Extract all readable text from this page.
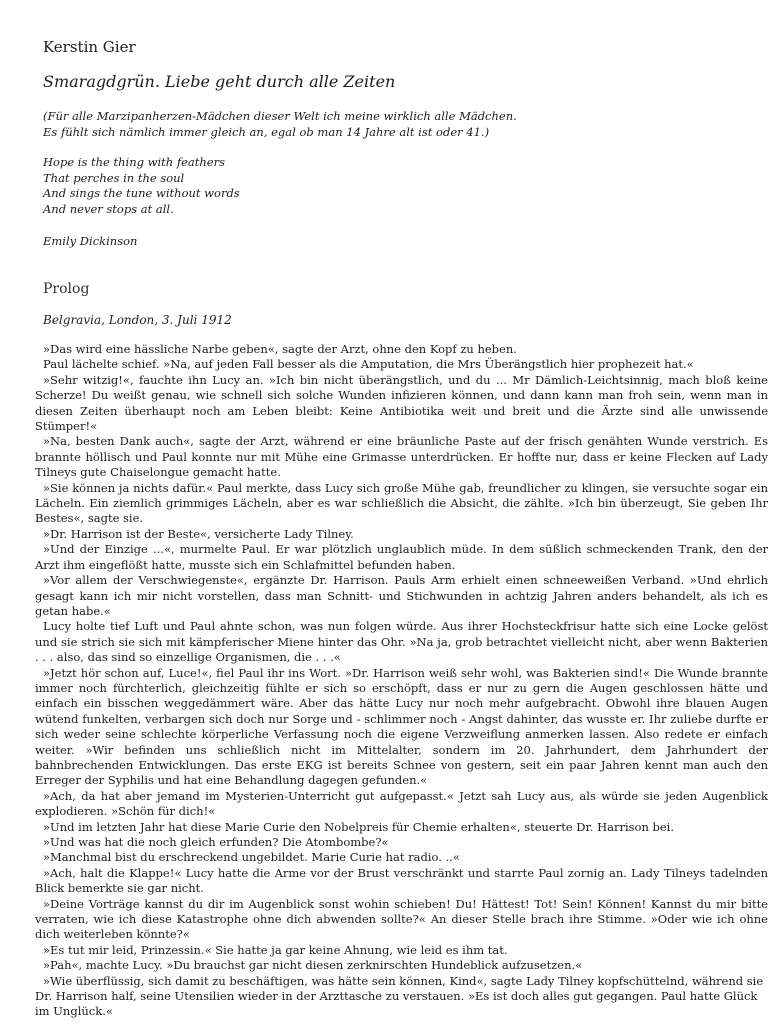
Kerstin Gier
Smaragdgrün. Liebe geht durch alle Zeiten
(Für alle Marzipanherzen-Mädchen dieser Welt ich meine wirklich alle Mädchen.
Es fühlt sich nämlich immer gleich an, egal ob man 14 Jahre alt ist oder 41.)
Hope is the thing with feathers
That perches in the soul
And sings the tune without words
And never stops at all.
Emily Dickinson
Prolog
Belgravia, London, 3. Juli 1912

»Das wird eine hässliche Narbe geben«, sagte der Arzt, ohne den Kopf zu heben.

Paul lächelte schief. »Na, auf jeden Fall besser als die Amputation, die Mrs Überängstlich hier prophezeit hat.«

»Sehr witzig!«, fauchte ihn Lucy an. »Ich bin nicht überängstlich, und du ... Mr Dämlich-Leichtsinnig, mach bloß keine Scherze! Du weißt genau, wie schnell sich solche Wunden infizieren können, und dann kann man froh sein, wenn man in diesen Zeiten überhaupt noch am Leben bleibt: Keine Antibiotika weit und breit und die Ärzte sind alle unwissende Stümper!«

»Na, besten Dank auch«, sagte der Arzt, während er eine bräunliche Paste auf der frisch genähten Wunde verstrich. Es brannte höllisch und Paul konnte nur mit Mühe eine Grimasse unterdrücken. Er hoffte nur, dass er keine Flecken auf Lady Tilneys gute Chaiselongue gemacht hatte.

»Sie können ja nichts dafür.« Paul merkte, dass Lucy sich große Mühe gab, freundlicher zu klingen, sie versuchte sogar ein Lächeln. Ein ziemlich grimmiges Lächeln, aber es war schließlich die Absicht, die zählte. »Ich bin überzeugt, Sie geben Ihr Bestes«, sagte sie.

»Dr. Harrison ist der Beste«, versicherte Lady Tilney.

»Und der Einzige ...«, murmelte Paul. Er war plötzlich unglaublich müde. In dem süßlich schmeckenden Trank, den der Arzt ihm eingeflößt hatte, musste sich ein Schlafmittel befunden haben.

»Vor allem der Verschwiegenste«, ergänzte Dr. Harrison. Pauls Arm erhielt einen schneeweißen Verband. »Und ehrlich gesagt kann ich mir nicht vorstellen, dass man Schnitt- und Stichwunden in achtzig Jahren anders behandelt, als ich es getan habe.«

Lucy holte tief Luft und Paul ahnte schon, was nun folgen würde. Aus ihrer Hochsteckfrisur hatte sich eine Locke gelöst und sie strich sie sich mit kämpferischer Miene hinter das Ohr. »Na ja, grob betrachtet vielleicht nicht, aber wenn Bakterien . . . also, das sind so einzellige Organismen, die . . .«

»Jetzt hör schon auf, Luce!«, fiel Paul ihr ins Wort. »Dr. Harrison weiß sehr wohl, was Bakterien sind!« Die Wunde brannte immer noch fürchterlich, gleichzeitig fühlte er sich so erschöpft, dass er nur zu gern die Augen geschlossen hätte und einfach ein bisschen weggedämmert wäre. Aber das hätte Lucy nur noch mehr aufgebracht. Obwohl ihre blauen Augen wütend funkelten, verbargen sich doch nur Sorge und - schlimmer noch - Angst dahinter, das wusste er. Ihr zuliebe durfte er sich weder seine schlechte körperliche Verfassung noch die eigene Verzweiflung anmerken lassen. Also redete er einfach weiter. »Wir befinden uns schließlich nicht im Mittelalter, sondern im 20. Jahrhundert, dem Jahrhundert der bahnbrechenden Entwicklungen. Das erste EKG ist bereits Schnee von gestern, seit ein paar Jahren kennt man auch den Erreger der Syphilis und hat eine Behandlung dagegen gefunden.«

»Ach, da hat aber jemand im Mysterien-Unterricht gut aufgepasst.« Jetzt sah Lucy aus, als würde sie jeden Augenblick explodieren. »Schön für dich!«

»Und im letzten Jahr hat diese Marie Curie den Nobelpreis für Chemie erhalten«, steuerte Dr. Harrison bei.

»Und was hat die noch gleich erfunden? Die Atombombe?«

»Manchmal bist du erschreckend ungebildet. Marie Curie hat radio. ..«

»Ach, halt die Klappe!« Lucy hatte die Arme vor der Brust verschränkt und starrte Paul zornig an. Lady Tilneys tadelnden Blick bemerkte sie gar nicht.

»Deine Vorträge kannst du dir im Augenblick sonst wohin schieben! Du! Hättest! Tot! Sein! Können! Kannst du mir bitte verraten, wie ich diese Katastrophe ohne dich abwenden sollte?« An dieser Stelle brach ihre Stimme. »Oder wie ich ohne dich weiterleben könnte?«

»Es tut mir leid, Prinzessin.« Sie hatte ja gar keine Ahnung, wie leid es ihm tat.

»Pah«, machte Lucy. »Du brauchst gar nicht diesen zerknirschten Hundeblick aufzusetzen.«

»Wie überflüssig, sich damit zu beschäftigen, was hätte sein können, Kind«, sagte Lady Tilney kopfschüttelnd, während sie Dr. Harrison half, seine Utensilien wieder in der Arzttasche zu verstauen. »Es ist doch alles gut gegangen. Paul hatte Glück im Unglück.«
